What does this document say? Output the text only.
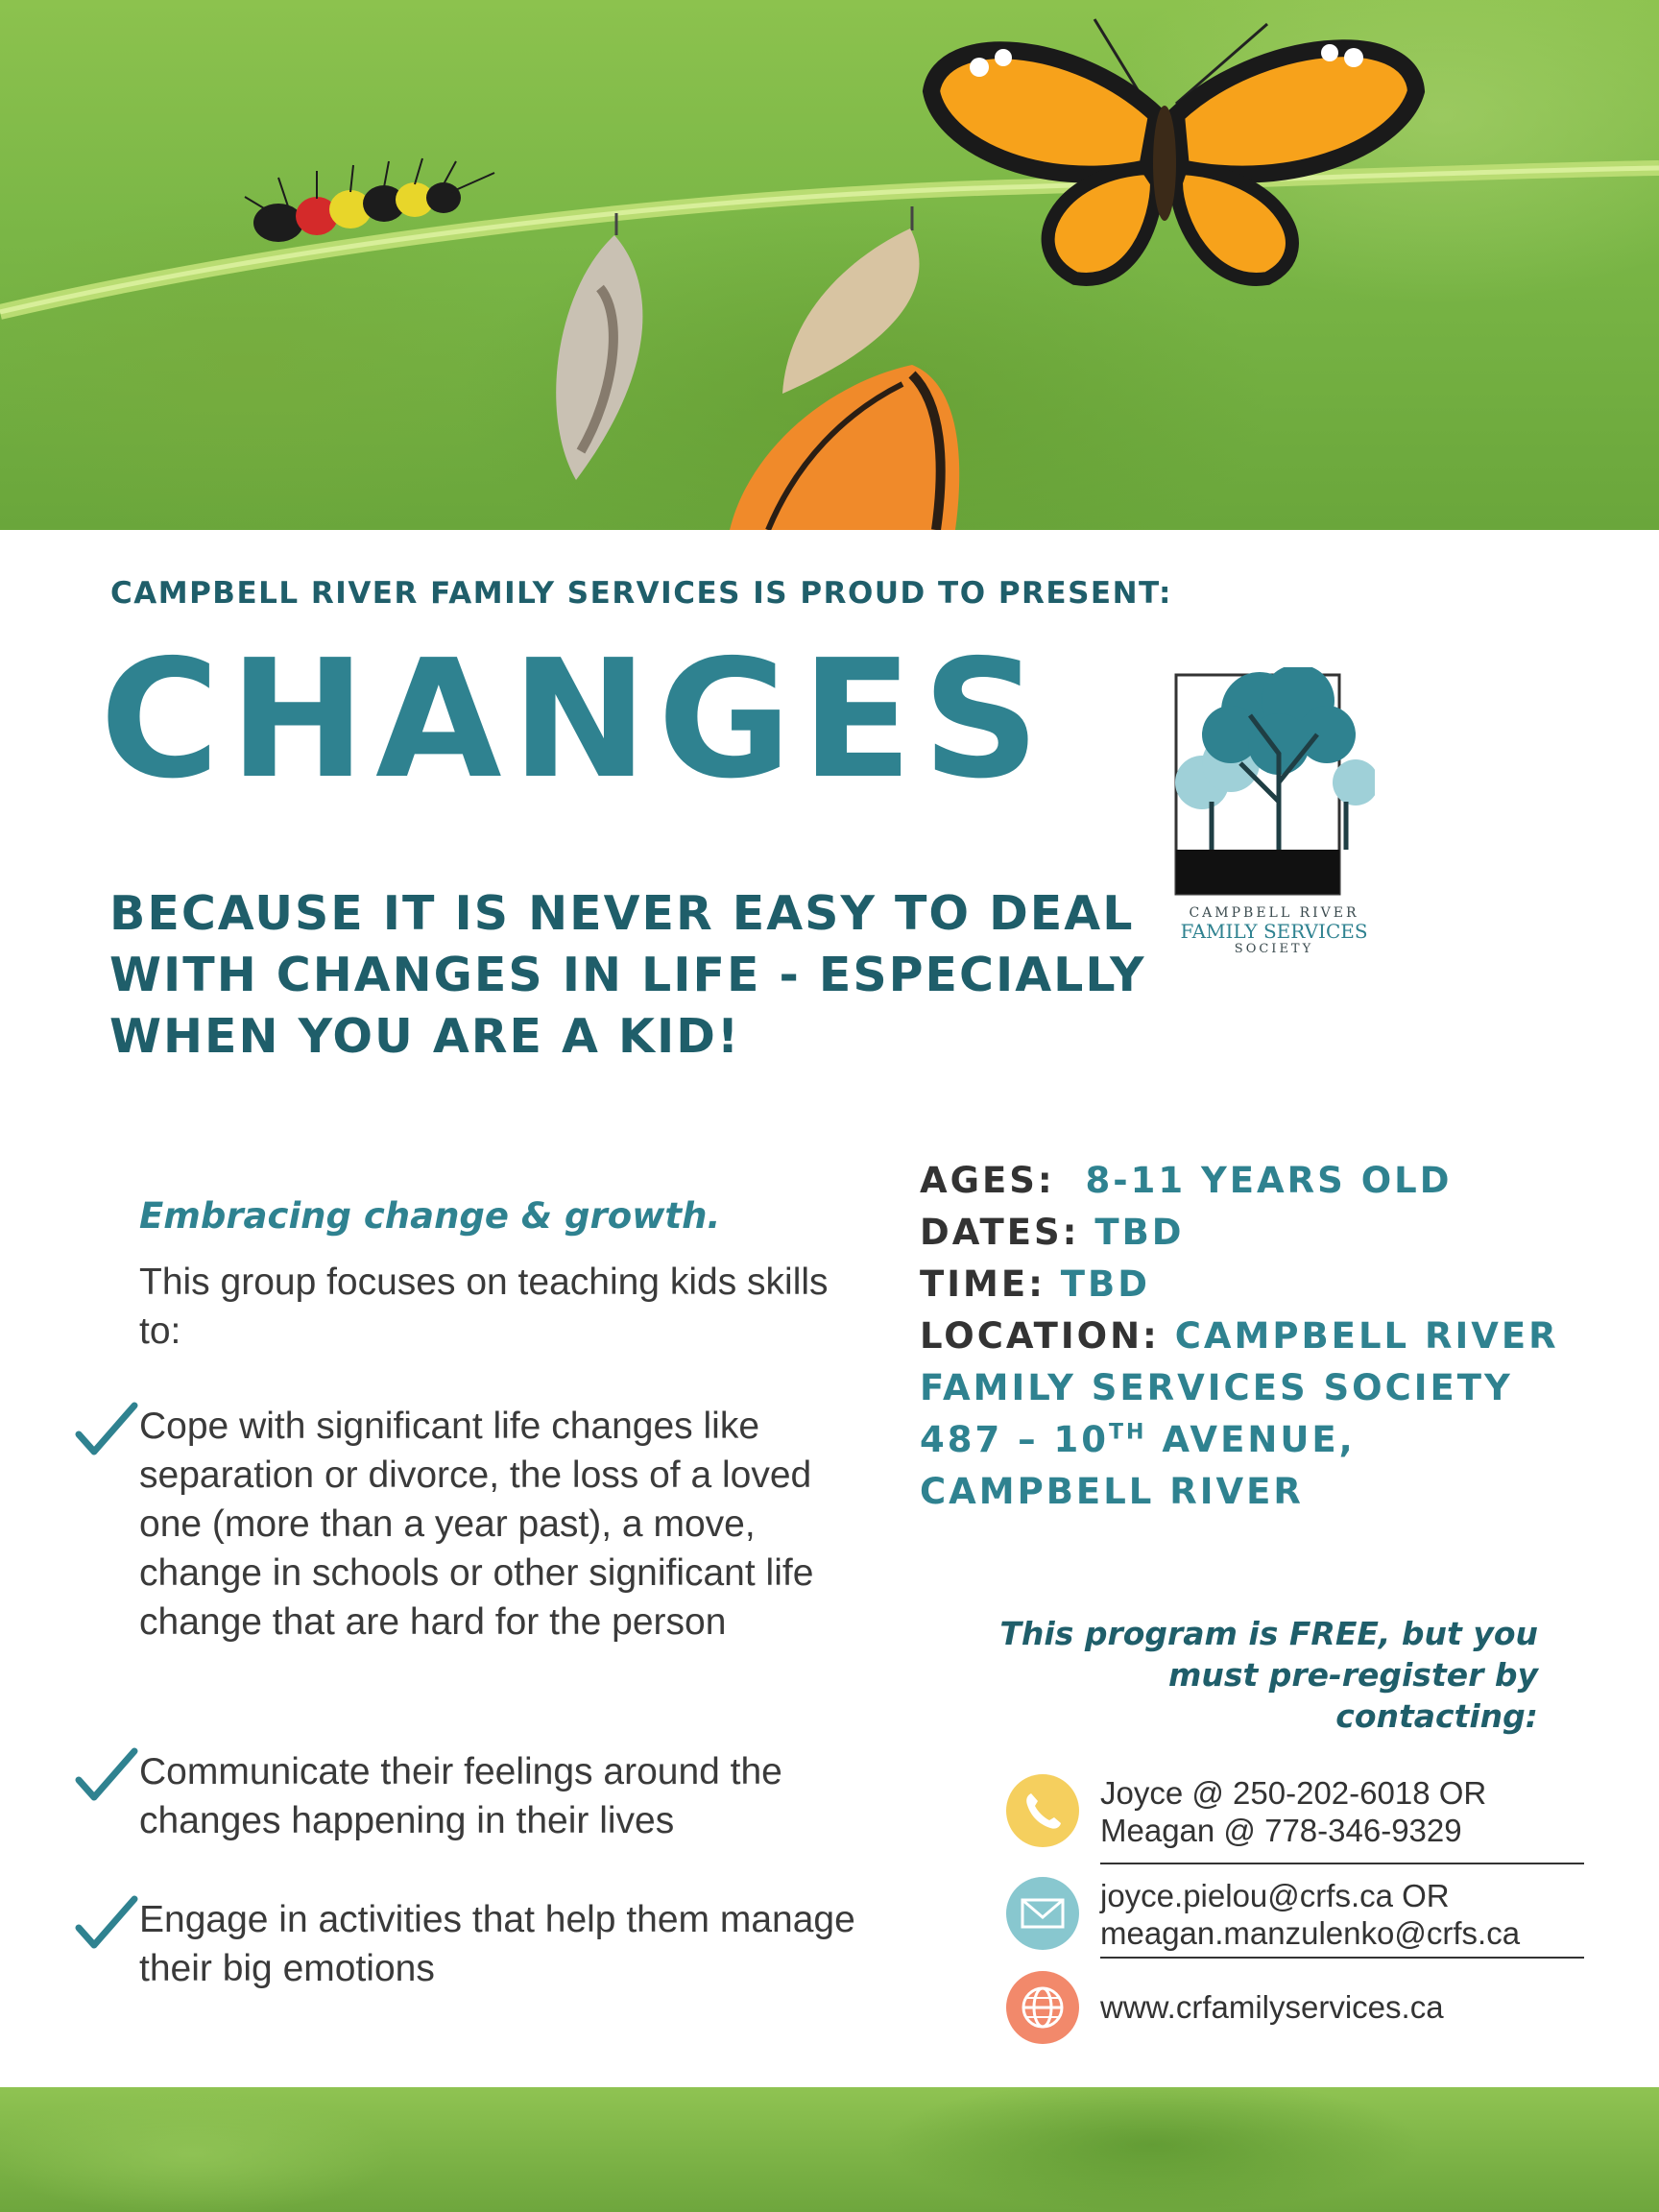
CAMPBELL RIVER FAMILY SERVICES IS PROUD TO PRESENT:
CHANGES
BECAUSE IT IS NEVER EASY TO DEAL WITH CHANGES IN LIFE - ESPECIALLY WHEN YOU ARE A KID!
CAMPBELL RIVER
FAMILY SERVICES
SOCIETY
Embracing change & growth.
This group focuses on teaching kids skills to:
Cope with significant life changes like separation or divorce, the loss of a loved one (more than a year past), a move, change in schools or other significant life change that are hard for the person
Communicate their feelings around the changes happening in their lives
Engage in activities that help them manage their big emotions
AGES: 8-11 YEARS OLD
DATES: TBD
TIME: TBD
LOCATION: CAMPBELL RIVER
FAMILY SERVICES SOCIETY
487 – 10TH AVENUE,
CAMPBELL RIVER
This program is FREE, but you
must pre-register by
contacting:
Joyce @ 250-202-6018 OR
Meagan @ 778-346-9329
joyce.pielou@crfs.ca OR
meagan.manzulenko@crfs.ca
www.crfamilyservices.ca
